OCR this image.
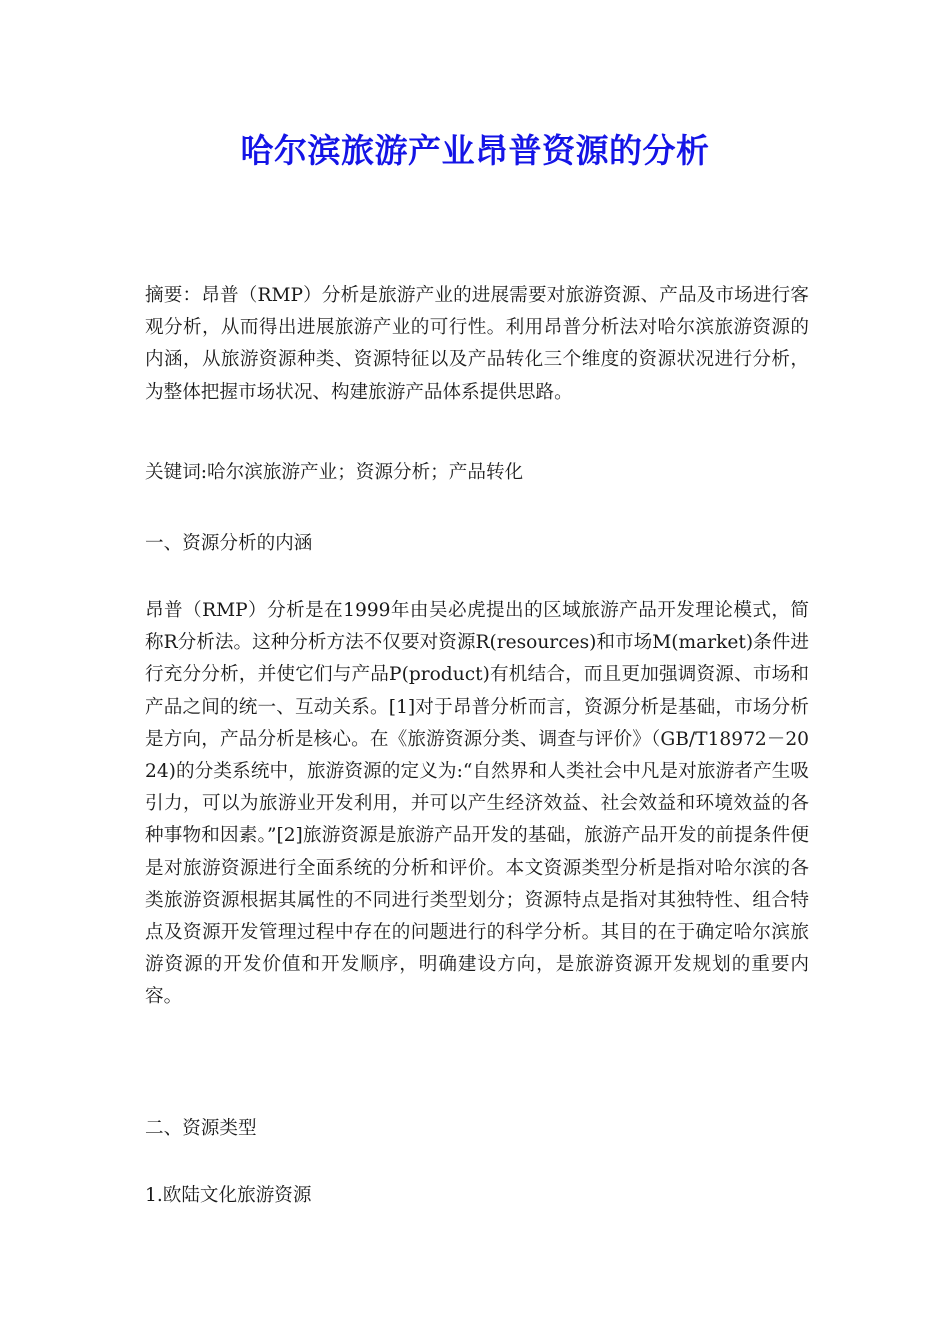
哈尔滨旅游产业昂普资源的分析

摘要：昂普（RMP）分析是旅游产业的进展需要对旅游资源、产品及市场进行客观分析，从而得出进展旅游产业的可行性。利用昂普分析法对哈尔滨旅游资源的内涵，从旅游资源种类、资源特征以及产品转化三个维度的资源状况进行分析，为整体把握市场状况、构建旅游产品体系提供思路。

关键词:哈尔滨旅游产业；资源分析；产品转化

一、资源分析的内涵

昂普（RMP）分析是在1999年由吴必虎提出的区域旅游产品开发理论模式，简称R分析法。这种分析方法不仅要对资源R(resources)和市场M(market)条件进行充分分析，并使它们与产品P(product)有机结合，而且更加强调资源、市场和产品之间的统一、互动关系。[1]对于昂普分析而言，资源分析是基础，市场分析是方向，产品分析是核心。在《旅游资源分类、调查与评价》（GB/T18972－2024)的分类系统中，旅游资源的定义为:“自然界和人类社会中凡是对旅游者产生吸引力，可以为旅游业开发利用，并可以产生经济效益、社会效益和环境效益的各种事物和因素。”[2]旅游资源是旅游产品开发的基础，旅游产品开发的前提条件便是对旅游资源进行全面系统的分析和评价。本文资源类型分析是指对哈尔滨的各类旅游资源根据其属性的不同进行类型划分；资源特点是指对其独特性、组合特点及资源开发管理过程中存在的问题进行的科学分析。其目的在于确定哈尔滨旅游资源的开发价值和开发顺序，明确建设方向，是旅游资源开发规划的重要内容。

二、资源类型

1.欧陆文化旅游资源
